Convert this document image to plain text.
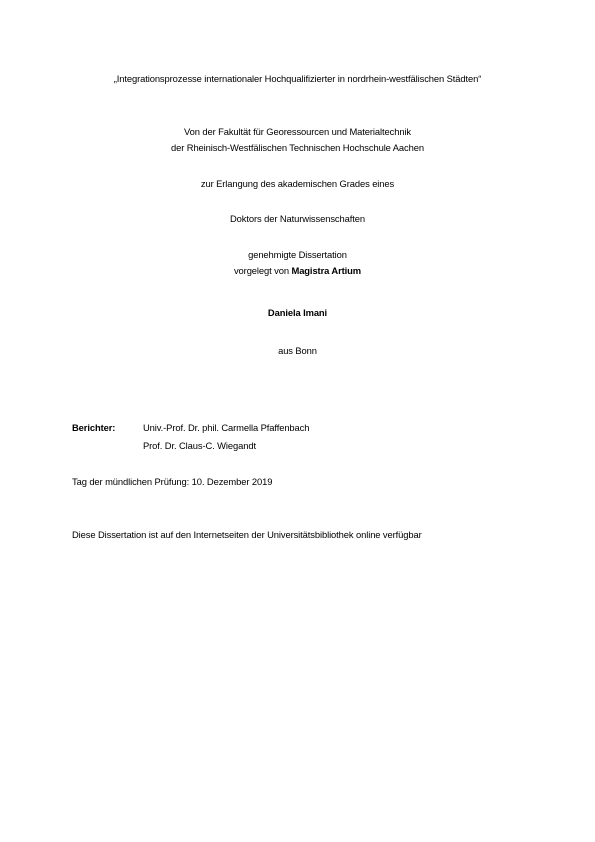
„Integrationsprozesse internationaler Hochqualifizierter in nordrhein-westfälischen Städten“
Von der Fakultät für Georessourcen und Materialtechnik
der Rheinisch-Westfälischen Technischen Hochschule Aachen
zur Erlangung des akademischen Grades eines
Doktors der Naturwissenschaften
genehmigte Dissertation
vorgelegt von Magistra Artium
Daniela Imani
aus Bonn
Berichter:	Univ.-Prof. Dr. phil. Carmella Pfaffenbach
Prof. Dr. Claus-C. Wiegandt
Tag der mündlichen Prüfung: 10. Dezember 2019
Diese Dissertation ist auf den Internetseiten der Universitätsbibliothek online verfügbar
